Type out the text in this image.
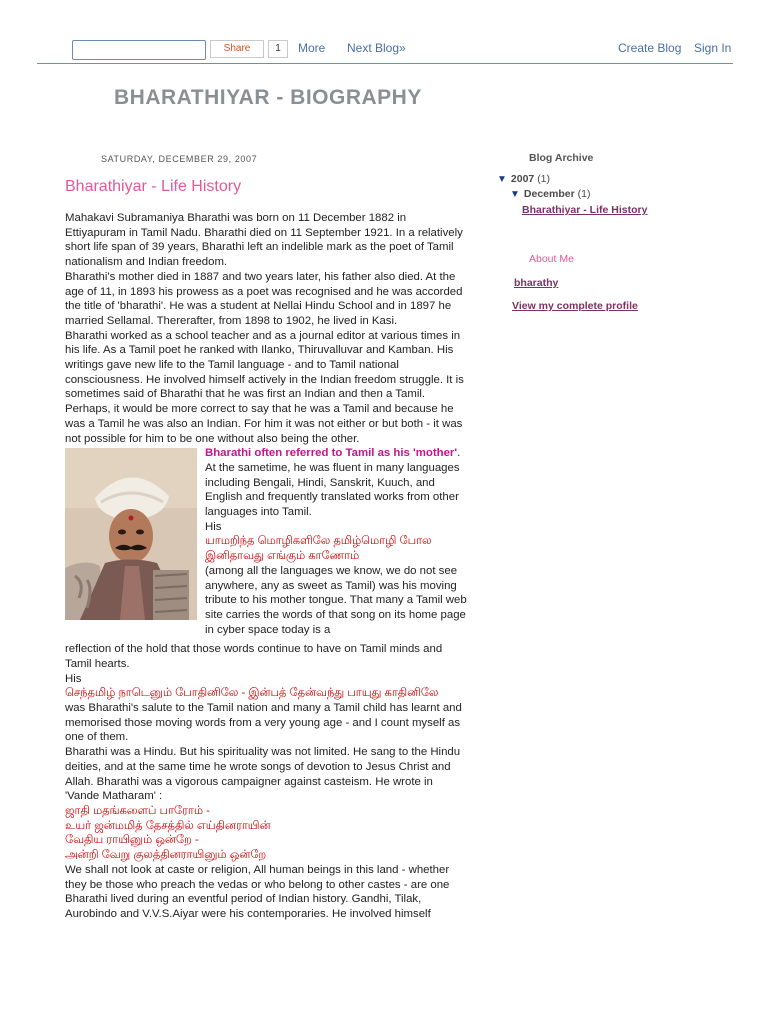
Share	1	More Next Blog»	Create Blog Sign In
BHARATHIYAR - BIOGRAPHY
SATURDAY, DECEMBER 29, 2007
Bharathiyar - Life History

Mahakavi Subramaniya Bharathi was born on 11 December 1882 in Ettiyapuram in Tamil Nadu. Bharathi died on 11 September 1921. In a relatively short life span of 39 years, Bharathi left an indelible mark as the poet of Tamil nationalism and Indian freedom.

Bharathi's mother died in 1887 and two years later, his father also died. At the age of 11, in 1893 his prowess as a poet was recognised and he was accorded the title of 'bharathi'. He was a student at Nellai Hindu School and in 1897 he married Sellamal. Thererafter, from 1898 to 1902, he lived in Kasi.

Bharathi worked as a school teacher and as a journal editor at various times in his life. As a Tamil poet he ranked with Ilanko, Thiruvalluvar and Kamban. His writings gave new life to the Tamil language - and to Tamil national consciousness. He involved himself actively in the Indian freedom struggle. It is sometimes said of Bharathi that he was first an Indian and then a Tamil. Perhaps, it would be more correct to say that he was a Tamil and because he was a Tamil he was also an Indian. For him it was not either or but both - it was not possible for him to be one without also being the other.

Bharathi often referred to Tamil as his 'mother'. At the sametime, he was fluent in many languages including Bengali, Hindi, Sanskrit, Kuuch, and English and frequently translated works from other languages into Tamil.

His

யாமறிந்த மொழிகளிலே தமிழ்மொழி போல இனிதாவது எங்கும் காணோம்

(among all the languages we know, we do not see anywhere, any as sweet as Tamil) was his moving tribute to his mother tongue. That many a Tamil web site carries the words of that song on its home page in cyber space today is a

reflection of the hold that those words continue to have on Tamil minds and Tamil hearts.

His

செந்தமிழ் நாடெனும் போதினிலே - இன்பத் தேன்வந்து பாயுது காதினிலே

was Bharathi's salute to the Tamil nation and many a Tamil child has learnt and memorised those moving words from a very young age - and I count myself as one of them.

Bharathi was a Hindu. But his spirituality was not limited. He sang to the Hindu deities, and at the same time he wrote songs of devotion to Jesus Christ and Allah. Bharathi was a vigorous campaigner against casteism. He wrote in 'Vande Matharam' :

ஜாதி மதங்களைப் பாரோம் -

உயர் ஜன்மமித் தேசத்தில் எய்தினராயின்

வேதிய ராயினும் ஒன்றே -

அன்றி வேறு குலத்தினராயினும் ஒன்றே

We shall not look at caste or religion, All human beings in this land - whether they be those who preach the vedas or who belong to other castes - are one

Bharathi lived during an eventful period of Indian history. Gandhi, Tilak, Aurobindo and V.V.S.Aiyar were his contemporaries. He involved himself

Blog Archive
▼ 2007 (1)
▼ December (1)
Bharathiyar - Life History
About Me
bharathy
View my complete profile
